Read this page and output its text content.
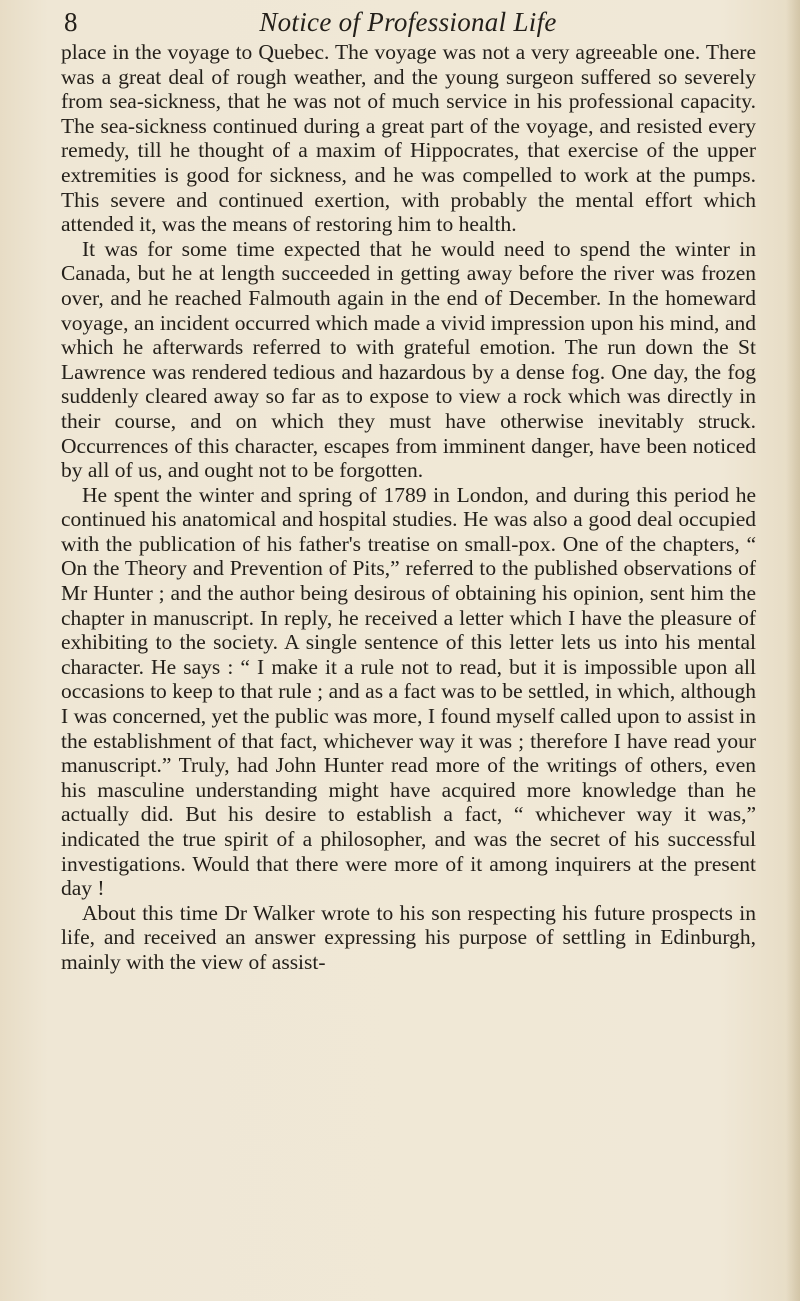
8	Notice of Professional Life

place in the voyage to Quebec. The voyage was not a very agreeable one. There was a great deal of rough weather, and the young surgeon suffered so severely from sea-sickness, that he was not of much service in his professional capacity. The sea-sickness continued during a great part of the voyage, and resisted every remedy, till he thought of a maxim of Hippocrates, that exercise of the upper extremities is good for sickness, and he was compelled to work at the pumps. This severe and continued exertion, with probably the mental effort which attended it, was the means of restoring him to health.

It was for some time expected that he would need to spend the winter in Canada, but he at length succeeded in getting away before the river was frozen over, and he reached Falmouth again in the end of December. In the homeward voyage, an incident occurred which made a vivid impression upon his mind, and which he afterwards referred to with grateful emotion. The run down the St Lawrence was rendered tedious and hazardous by a dense fog. One day, the fog suddenly cleared away so far as to expose to view a rock which was directly in their course, and on which they must have otherwise inevitably struck. Occurrences of this character, escapes from imminent danger, have been noticed by all of us, and ought not to be forgotten.

He spent the winter and spring of 1789 in London, and during this period he continued his anatomical and hospital studies. He was also a good deal occupied with the publication of his father's treatise on small-pox. One of the chapters, “ On the Theory and Prevention of Pits,” referred to the published observations of Mr Hunter ; and the author being desirous of obtaining his opinion, sent him the chapter in manuscript. In reply, he received a letter which I have the pleasure of exhibiting to the society. A single sentence of this letter lets us into his mental character. He says : “ I make it a rule not to read, but it is impossible upon all occasions to keep to that rule ; and as a fact was to be settled, in which, although I was concerned, yet the public was more, I found myself called upon to assist in the establishment of that fact, whichever way it was ; therefore I have read your manuscript.” Truly, had John Hunter read more of the writings of others, even his masculine understanding might have acquired more knowledge than he actually did. But his desire to establish a fact, “ whichever way it was,” indicated the true spirit of a philosopher, and was the secret of his successful investigations. Would that there were more of it among inquirers at the present day !

About this time Dr Walker wrote to his son respecting his future prospects in life, and received an answer expressing his purpose of settling in Edinburgh, mainly with the view of assist-
